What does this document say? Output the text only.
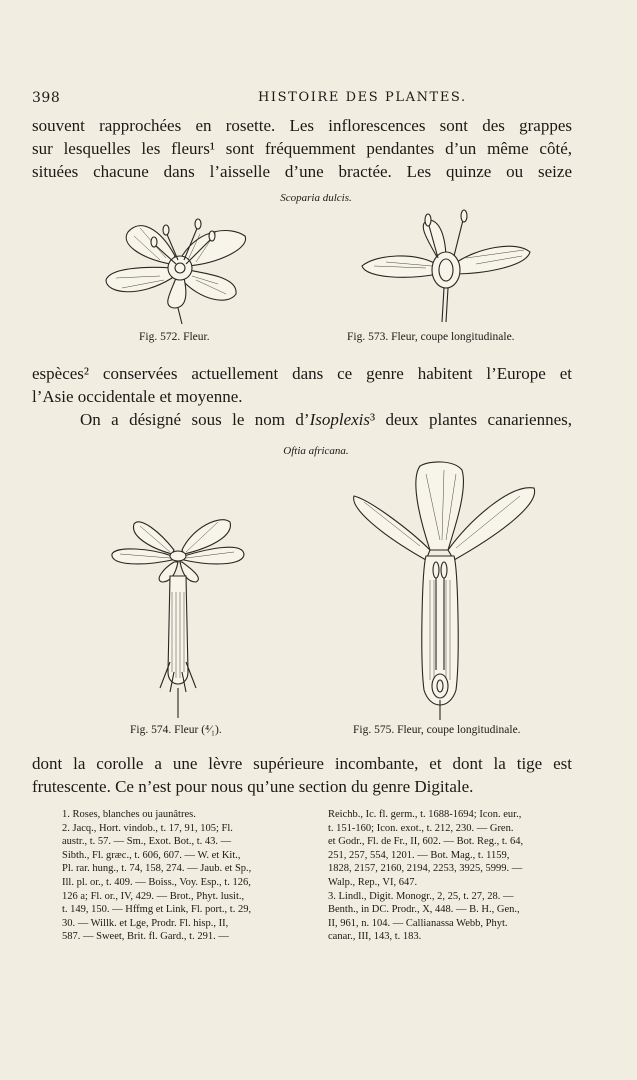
398	HISTOIRE DES PLANTES.
souvent rapprochées en rosette. Les inflorescences sont des grappes
sur lesquelles les fleurs¹ sont fréquemment pendantes d’un même côté,
situées chacune dans l’aisselle d’une bractée. Les quinze ou seize
Scoparia dulcis.
Fig. 572. Fleur.	Fig. 573. Fleur, coupe longitudinale.
espèces² conservées actuellement dans ce genre habitent l’Europe et
l’Asie occidentale et moyenne.
On a désigné sous le nom d’Isoplexis³ deux plantes canariennes,
Oftia africana.
Fig. 574. Fleur (⁴⁄₁).	Fig. 575. Fleur, coupe longitudinale.
dont la corolle a une lèvre supérieure incombante, et dont la tige est
frutescente. Ce n’est pour nous qu’une section du genre Digitale.
1. Roses, blanches ou jaunâtres.
2. Jacq., Hort. vindob., t. 17, 91, 105; Fl.
austr., t. 57. — Sm., Exot. Bot., t. 43. —
Sibth., Fl. græc., t. 606, 607. — W. et Kit.,
Pl. rar. hung., t. 74, 158, 274. — Jaub. et Sp.,
Ill. pl. or., t. 409. — Boiss., Voy. Esp., t. 126,
126 a; Fl. or., IV, 429. — Brot., Phyt. lusit.,
t. 149, 150. — Hffmg et Link, Fl. port., t. 29,
30. — Willk. et Lge, Prodr. Fl. hisp., II,
587. — Sweet, Brit. fl. Gard., t. 291. —
Reichb., Ic. fl. germ., t. 1688-1694; Icon. eur.,
t. 151-160; Icon. exot., t. 212, 230. — Gren.
et Godr., Fl. de Fr., II, 602. — Bot. Reg., t. 64,
251, 257, 554, 1201. — Bot. Mag., t. 1159,
1828, 2157, 2160, 2194, 2253, 3925, 5999. —
Walp., Rep., VI, 647.
3. Lindl., Digit. Monogr., 2, 25, t. 27, 28. —
Benth., in DC. Prodr., X, 448. — B. H., Gen.,
II, 961, n. 104. — Callianassa Webb, Phyt.
canar., III, 143, t. 183.
